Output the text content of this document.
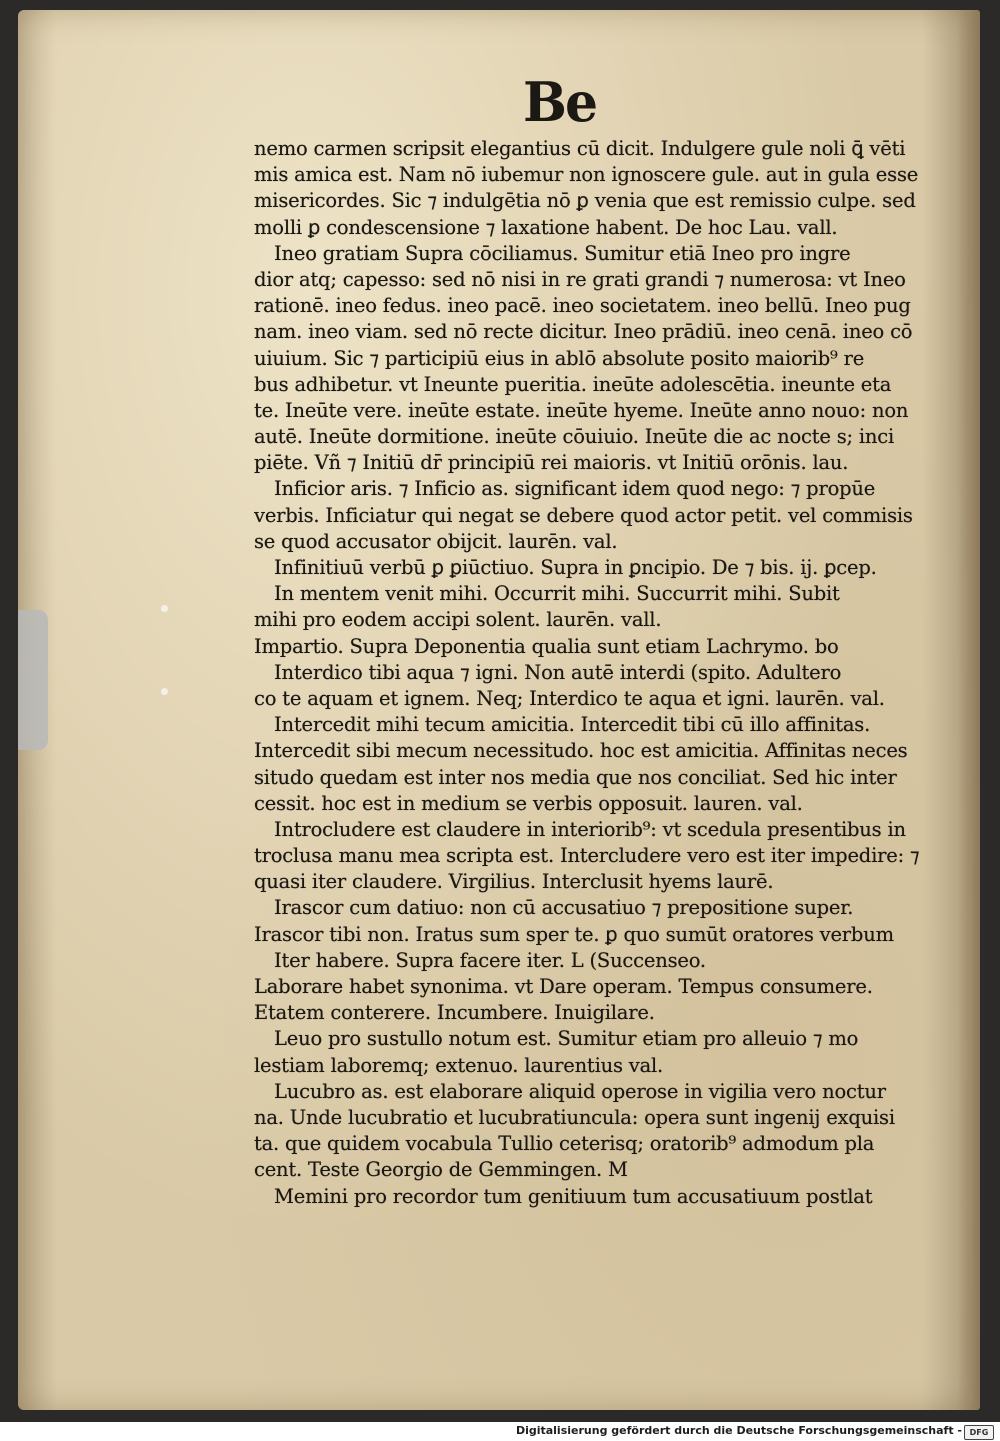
Be
nemo carmen scripsit elegantius cū dicit. Indulgere gule noli ꝗ̄ vēti
mis amica est. Nam nō iubemur non ignoscere gule. aut in gula esse
misericordes. Sic ⁊ indulgētia nō ꝑ venia que est remissio culpe. sed
molli ꝑ condescensione ⁊ laxatione habent. De hoc Lau. vall.
Ineo gratiam Supra cōciliamus. Sumitur etiā Ineo pro ingre
dior atq; capesso: sed nō nisi in re grati grandi ⁊ numerosa: vt Ineo
rationē. ineo fedus. ineo pacē. ineo societatem. ineo bellū. Ineo pug
nam. ineo viam. sed nō recte dicitur. Ineo prādiū. ineo cenā. ineo cō
uiuium. Sic ⁊ participiū eius in ablō absolute posito maiorib⁹ re
bus adhibetur. vt Ineunte pueritia. ineūte adolescētia. ineunte eta
te. Ineūte vere. ineūte estate. ineūte hyeme. Ineūte anno nouo: non
autē. Ineūte dormitione. ineūte cōuiuio. Ineūte die ac nocte s; inci
piēte. Vñ ⁊ Initiū dr̄ principiū rei maioris. vt Initiū orōnis. lau.
Inficior aris. ⁊ Inficio as. significant idem quod nego: ⁊ propūe
verbis. Inficiatur qui negat se debere quod actor petit. vel commisis
se quod accusator obijcit. laurēn. val.
Infinitiuū verbū ꝑ ꝑiūctiuo. Supra in ꝑncipio. De ⁊ bis. ij. ꝑcep.
In mentem venit mihi. Occurrit mihi. Succurrit mihi. Subit
mihi pro eodem accipi solent. laurēn. vall.
Impartio. Supra Deponentia qualia sunt etiam Lachrymo. bo
Interdico tibi aqua ⁊ igni. Non autē interdi (spito. Adultero
co te aquam et ignem. Neq; Interdico te aqua et igni. laurēn. val.
Intercedit mihi tecum amicitia. Intercedit tibi cū illo affinitas.
Intercedit sibi mecum necessitudo. hoc est amicitia. Affinitas neces
situdo quedam est inter nos media que nos conciliat. Sed hic inter
cessit. hoc est in medium se verbis opposuit. lauren. val.
Introcludere est claudere in interiorib⁹: vt scedula presentibus in
troclusa manu mea scripta est. Intercludere vero est iter impedire: ⁊
quasi iter claudere. Virgilius. Interclusit hyems laurē.
Irascor cum datiuo: non cū accusatiuo ⁊ prepositione super.
Irascor tibi non. Iratus sum sper te. ꝑ quo sumūt oratores verbum
Iter habere. Supra facere iter. L (Succenseo.
Laborare habet synonima. vt Dare operam. Tempus consumere.
Etatem conterere. Incumbere. Inuigilare.
Leuo pro sustullo notum est. Sumitur etiam pro alleuio ⁊ mo
lestiam laboremq; extenuo. laurentius val.
Lucubro as. est elaborare aliquid operose in vigilia vero noctur
na. Unde lucubratio et lucubratiuncula: opera sunt ingenij exquisi
ta. que quidem vocabula Tullio ceterisq; oratorib⁹ admodum pla
cent. Teste Georgio de Gemmingen. M
Memini pro recordor tum genitiuum tum accusatiuum postlat
Digitalisierung gefördert durch die Deutsche Forschungsgemeinschaft - DFG
